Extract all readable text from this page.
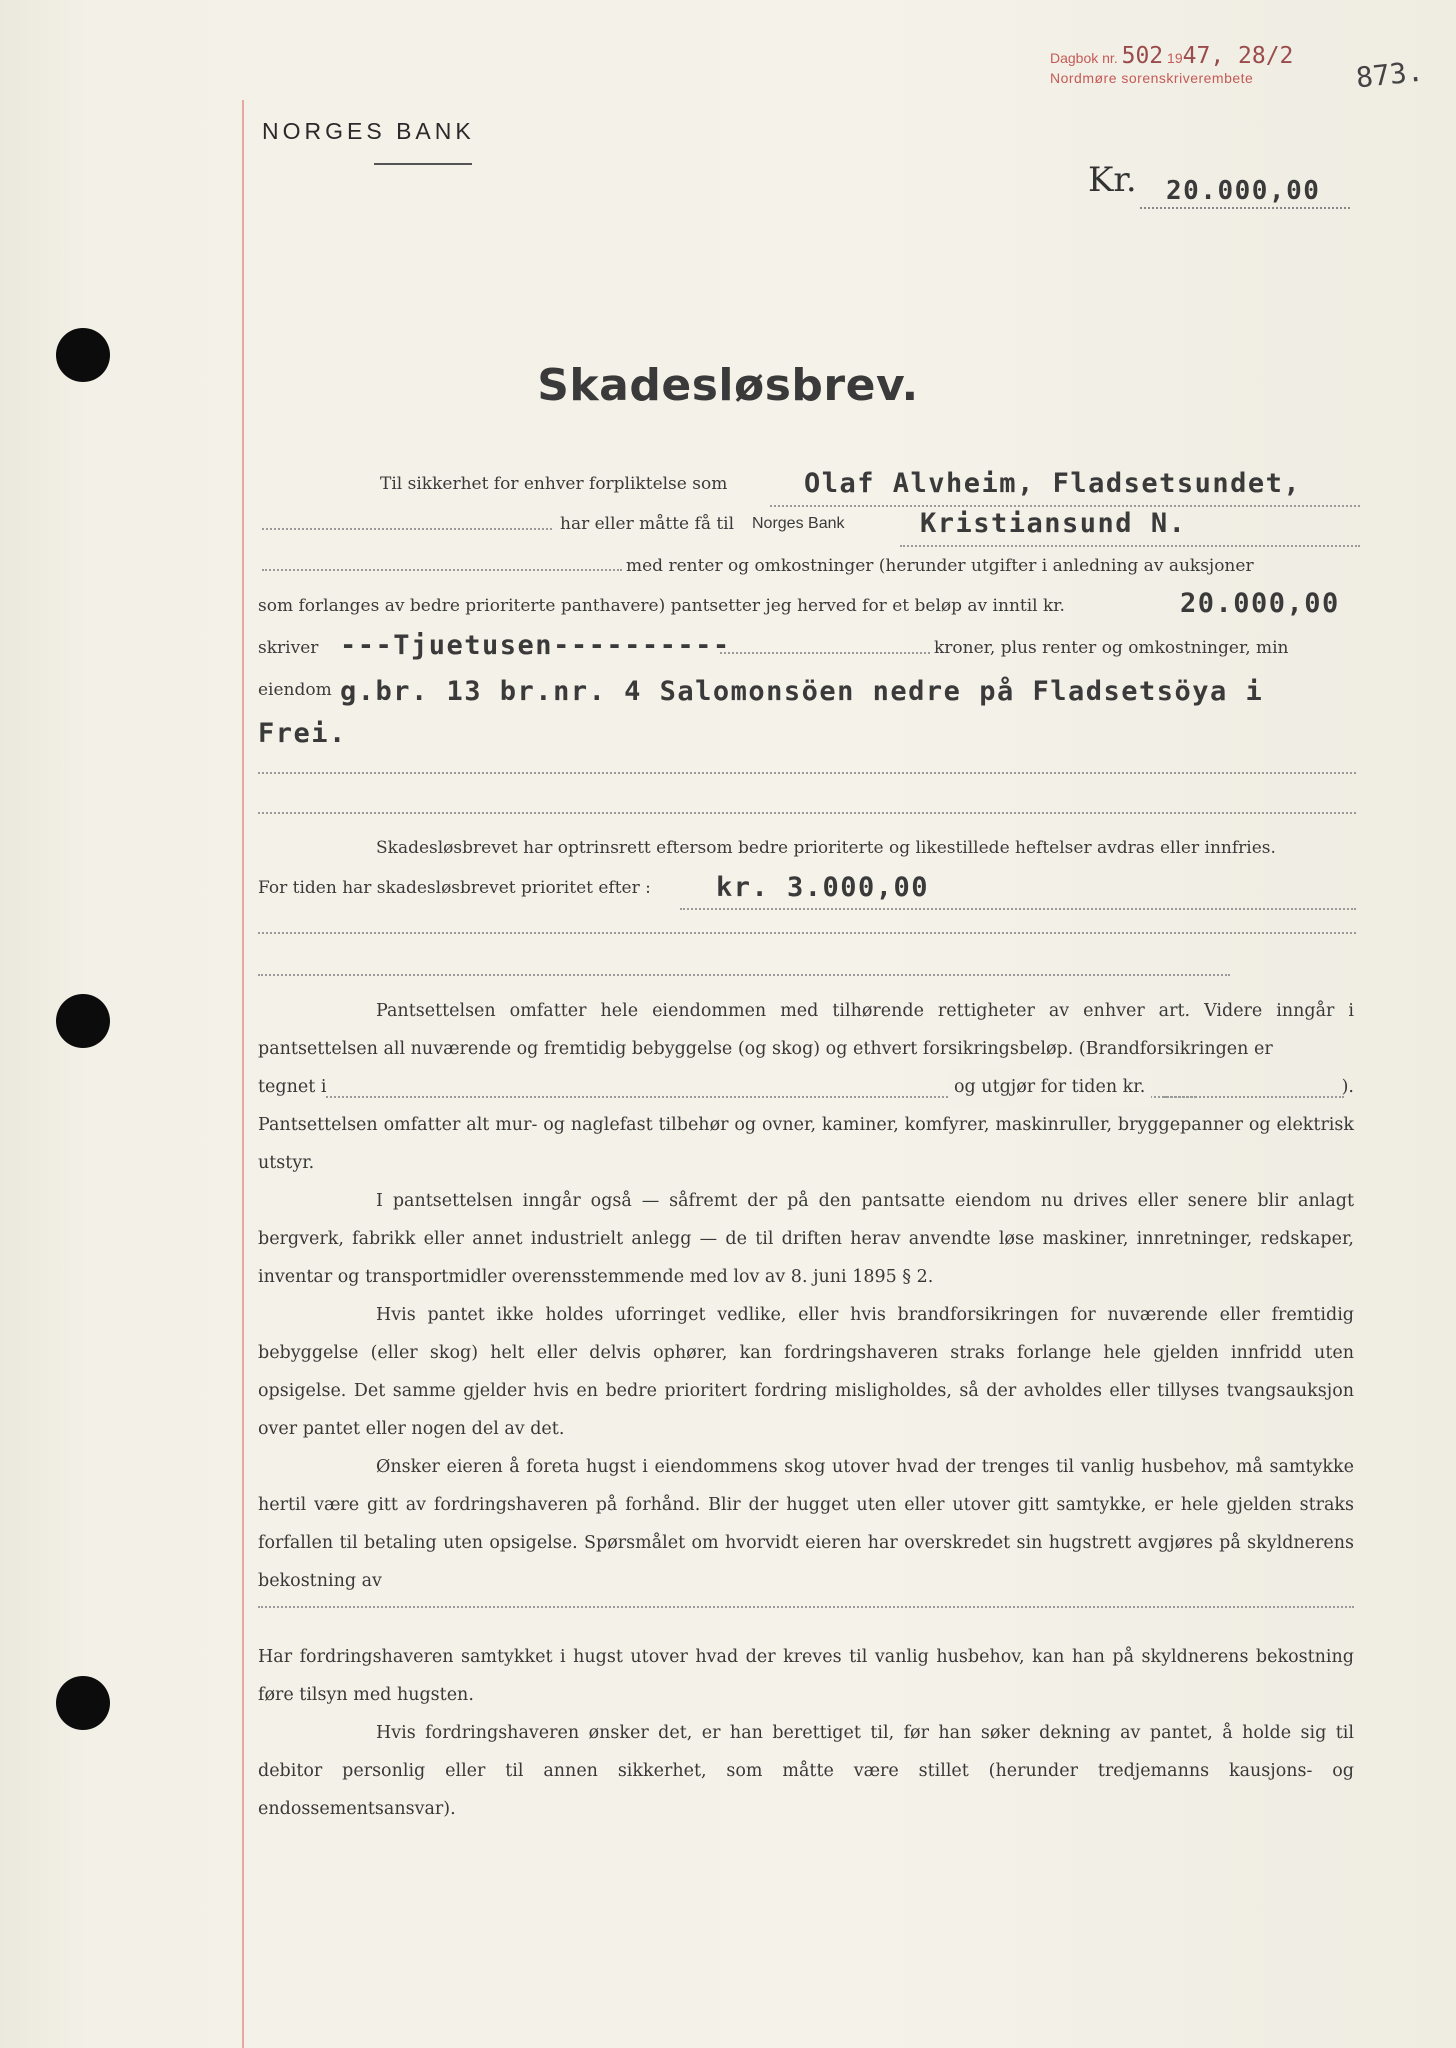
NORGES BANK
Dagbok nr. 502 1947, 28/2
Nordmøre sorenskriverembete	873.
Kr. 20.000,00
Skadesløsbrev.
Til sikkerhet for enhver forpliktelse som	Olaf Alvheim, Fladsetsundet,
har eller måtte få til Norges Bank	Kristiansund N.
med renter og omkostninger (herunder utgifter i anledning av auksjoner
som forlanges av bedre prioriterte panthavere) pantsetter jeg herved for et beløp av inntil kr.	20.000,00
skriver ---Tjuetusen----------	kroner, plus renter og omkostninger, min
eiendom g.br. 13 br.nr. 4 Salomonsöen nedre på Fladsetsöya i
Frei.
Skadesløsbrevet har optrinsrett eftersom bedre prioriterte og likestillede heftelser avdras eller innfries.
For tiden har skadesløsbrevet prioritet efter : kr. 3.000,00

Pantsettelsen omfatter hele eiendommen med tilhørende rettigheter av enhver art. Videre inngår i pantsettelsen all nuværende og fremtidig bebyggelse (og skog) og ethvert forsikringsbeløp. (Brandforsikringen er

tegnet i	og utgjør for tiden kr.	).

Pantsettelsen omfatter alt mur- og naglefast tilbehør og ovner, kaminer, komfyrer, maskinruller, bryggepanner og elektrisk utstyr.

I pantsettelsen inngår også — såfremt der på den pantsatte eiendom nu drives eller senere blir anlagt bergverk, fabrikk eller annet industrielt anlegg — de til driften herav anvendte løse maskiner, innretninger, redskaper, inventar og transportmidler overensstemmende med lov av 8. juni 1895 § 2.

Hvis pantet ikke holdes uforringet vedlike, eller hvis brandforsikringen for nuværende eller fremtidig bebyggelse (eller skog) helt eller delvis ophører, kan fordringshaveren straks forlange hele gjelden innfridd uten opsigelse. Det samme gjelder hvis en bedre prioritert fordring misligholdes, så der avholdes eller tillyses tvangsauksjon over pantet eller nogen del av det.

Ønsker eieren å foreta hugst i eiendommens skog utover hvad der trenges til vanlig husbehov, må samtykke hertil være gitt av fordringshaveren på forhånd. Blir der hugget uten eller utover gitt samtykke, er hele gjelden straks forfallen til betaling uten opsigelse. Spørsmålet om hvorvidt eieren har overskredet sin hugstrett avgjøres på skyldnerens bekostning av

Har fordringshaveren samtykket i hugst utover hvad der kreves til vanlig husbehov, kan han på skyldnerens bekostning føre tilsyn med hugsten.

Hvis fordringshaveren ønsker det, er han berettiget til, før han søker dekning av pantet, å holde sig til debitor personlig eller til annen sikkerhet, som måtte være stillet (herunder tredjemanns kausjons- og endossementsansvar).
